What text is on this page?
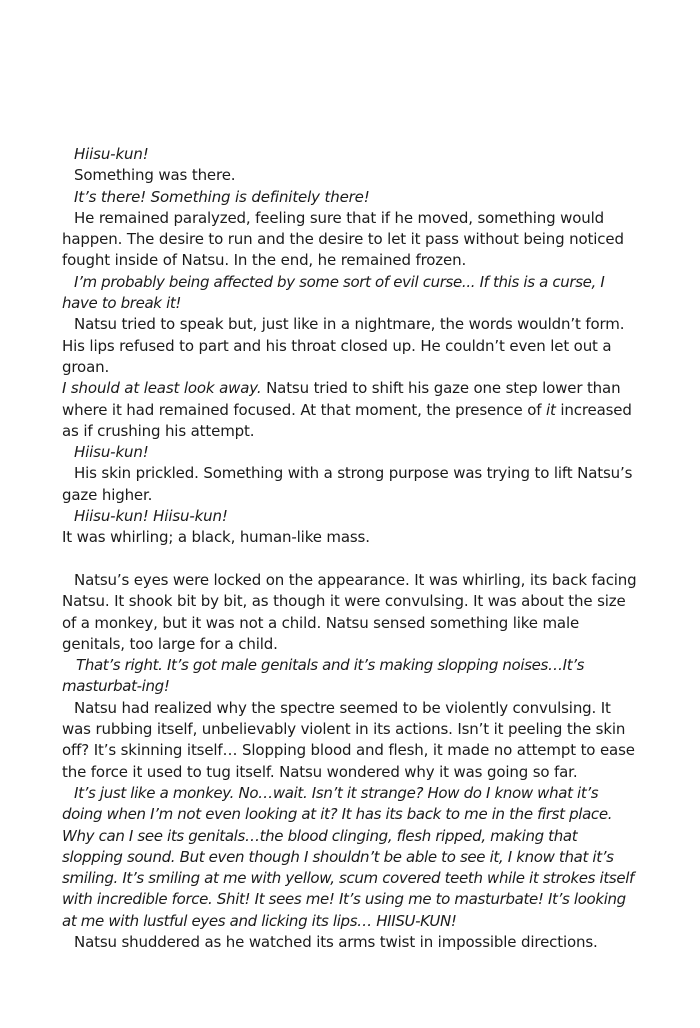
Hiisu-kun!

Something was there.

It’s there! Something is definitely there!

He remained paralyzed, feeling sure that if he moved, something would happen. The desire to run and the desire to let it pass without being noticed fought inside of Natsu. In the end, he remained frozen.

I’m probably being affected by some sort of evil curse... If this is a curse, I have to break it!

Natsu tried to speak but, just like in a nightmare, the words wouldn’t form. His lips refused to part and his throat closed up. He couldn’t even let out a groan.

I should at least look away. Natsu tried to shift his gaze one step lower than where it had remained focused. At that moment, the presence of it increased as if crushing his attempt.

Hiisu-kun!

His skin prickled. Something with a strong purpose was trying to lift Natsu’s gaze higher.

Hiisu-kun! Hiisu-kun!

It was whirling; a black, human-like mass.

Natsu’s eyes were locked on the appearance. It was whirling, its back facing Natsu. It shook bit by bit, as though it were convulsing. It was about the size of a monkey, but it was not a child. Natsu sensed something like male genitals, too large for a child.

That’s right. It’s got male genitals and it’s making slopping noises…It’s masturbat-ing!

Natsu had realized why the spectre seemed to be violently convulsing. It was rubbing itself, unbelievably violent in its actions. Isn’t it peeling the skin off? It’s skinning itself… Slopping blood and flesh, it made no attempt to ease the force it used to tug itself. Natsu wondered why it was going so far.

It’s just like a monkey. No…wait. Isn’t it strange? How do I know what it’s doing when I’m not even looking at it? It has its back to me in the first place. Why can I see its genitals…the blood clinging, flesh ripped, making that slopping sound. But even though I shouldn’t be able to see it, I know that it’s smiling. It’s smiling at me with yellow, scum covered teeth while it strokes itself with incredible force. Shit! It sees me! It’s using me to masturbate! It’s looking at me with lustful eyes and licking its lips… HIISU-KUN!

Natsu shuddered as he watched its arms twist in impossible directions.
